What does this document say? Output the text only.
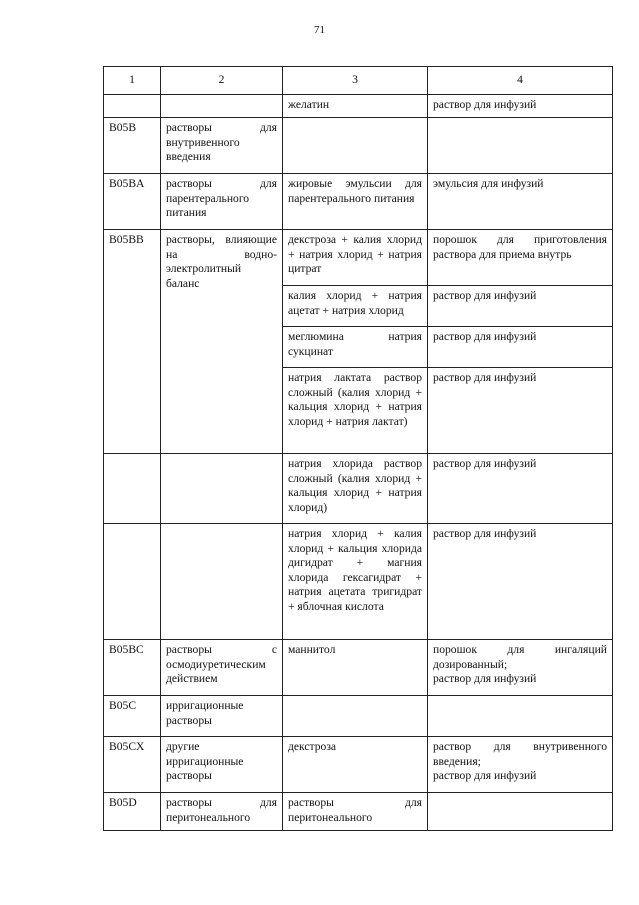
71
1	2	3	4
		желатин	раствор для инфузий
B05B	растворы для внутривенного введения		
B05BA	растворы для парентерального питания	жировые эмульсии для парентерального питания	эмульсия для инфузий
B05BB	растворы, влияющие на водно-электролитный баланс	декстроза + калия хлорид + натрия хлорид + натрия цитрат	порошок для приготовления раствора для приема внутрь
		калия хлорид + натрия ацетат + натрия хлорид	раствор для инфузий
		меглюмина натрия сукцинат	раствор для инфузий
		натрия лактата раствор сложный (калия хлорид + кальция хлорид + натрия хлорид + натрия лактат)	раствор для инфузий
		натрия хлорида раствор сложный (калия хлорид + кальция хлорид + натрия хлорид)	раствор для инфузий
		натрия хлорид + калия хлорид + кальция хлорида дигидрат + магния хлорида гексагидрат + натрия ацетата тригидрат + яблочная кислота	раствор для инфузий
B05BC	растворы с осмодиуретическим действием	маннитол	порошок для ингаляций дозированный;
раствор для инфузий

B05C	ирригационные растворы		
B05CX	другие ирригационные растворы	декстроза	раствор для внутривенного введения;
раствор для инфузий

B05D	растворы для перитонеального	растворы для перитонеального	
